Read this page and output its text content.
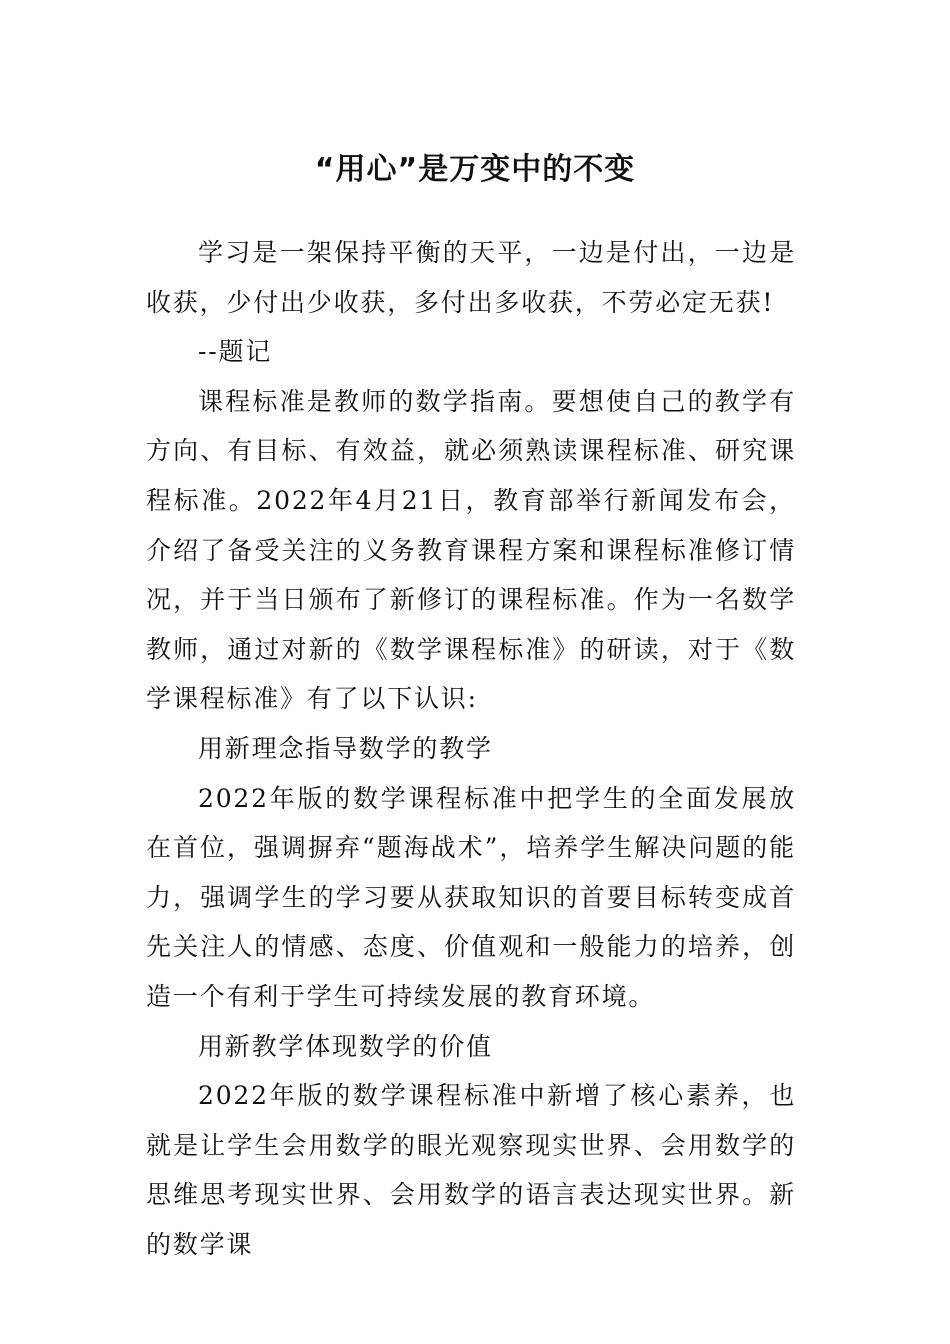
“用心”是万变中的不变

学习是一架保持平衡的天平，一边是付出，一边是收获，少付出少收获，多付出多收获，不劳必定无获!

--题记

课程标准是教师的数学指南。要想使自己的教学有方向、有目标、有效益，就必须熟读课程标准、研究课程标准。2022年4月21日，教育部举行新闻发布会，介绍了备受关注的义务教育课程方案和课程标准修订情况，并于当日颁布了新修订的课程标准。作为一名数学教师，通过对新的《数学课程标准》的研读，对于《数学课程标准》有了以下认识:

用新理念指导数学的教学

2022年版的数学课程标准中把学生的全面发展放在首位，强调摒弃“题海战术”，培养学生解决问题的能力，强调学生的学习要从获取知识的首要目标转变成首先关注人的情感、态度、价值观和一般能力的培养，创造一个有利于学生可持续发展的教育环境。

用新教学体现数学的价值

2022年版的数学课程标准中新增了核心素养，也就是让学生会用数学的眼光观察现实世界、会用数学的思维思考现实世界、会用数学的语言表达现实世界。新的数学课
